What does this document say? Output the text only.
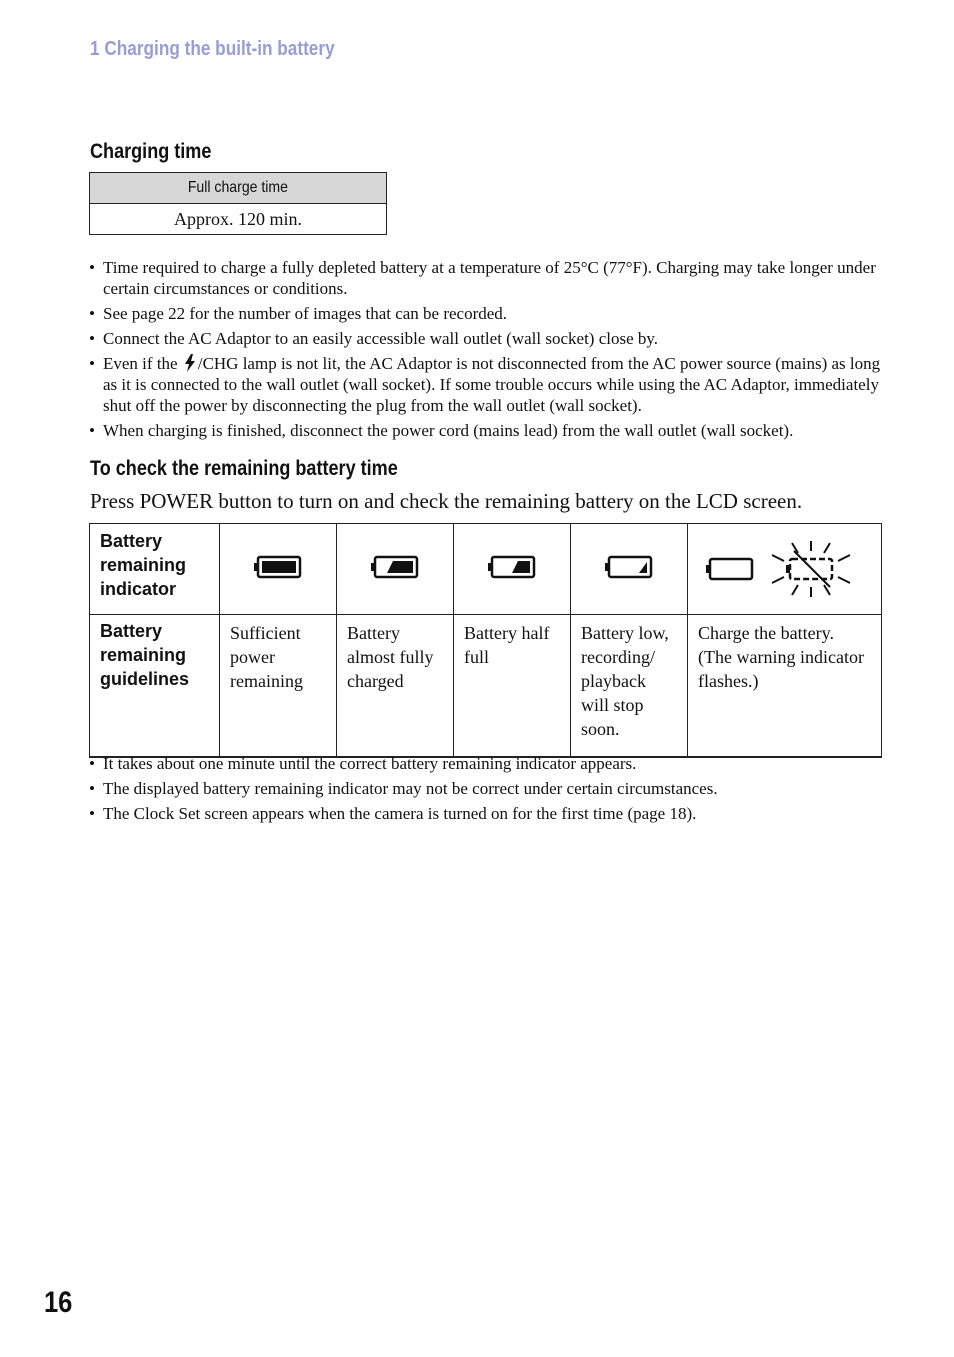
1 Charging the built-in battery
Charging time
Full charge time
Approx. 120 min.
• Time required to charge a fully depleted battery at a temperature of 25°C (77°F). Charging may take longer under certain circumstances or conditions.
• See page 22 for the number of images that can be recorded.
• Connect the AC Adaptor to an easily accessible wall outlet (wall socket) close by.
• Even if the /CHG lamp is not lit, the AC Adaptor is not disconnected from the AC power source (mains) as long as it is connected to the wall outlet (wall socket). If some trouble occurs while using the AC Adaptor, immediately shut off the power by disconnecting the plug from the wall outlet (wall socket).
• When charging is finished, disconnect the power cord (mains lead) from the wall outlet (wall socket).
To check the remaining battery time
Press POWER button to turn on and check the remaining battery on the LCD screen.
Battery remaining indicator					
Battery remaining guidelines	Sufficient power remaining	Battery almost fully charged	Battery half full	Battery low, recording/ playback will stop soon.	Charge the battery. (The warning indicator flashes.)
• It takes about one minute until the correct battery remaining indicator appears.
• The displayed battery remaining indicator may not be correct under certain circumstances.
• The Clock Set screen appears when the camera is turned on for the first time (page 18).
16
